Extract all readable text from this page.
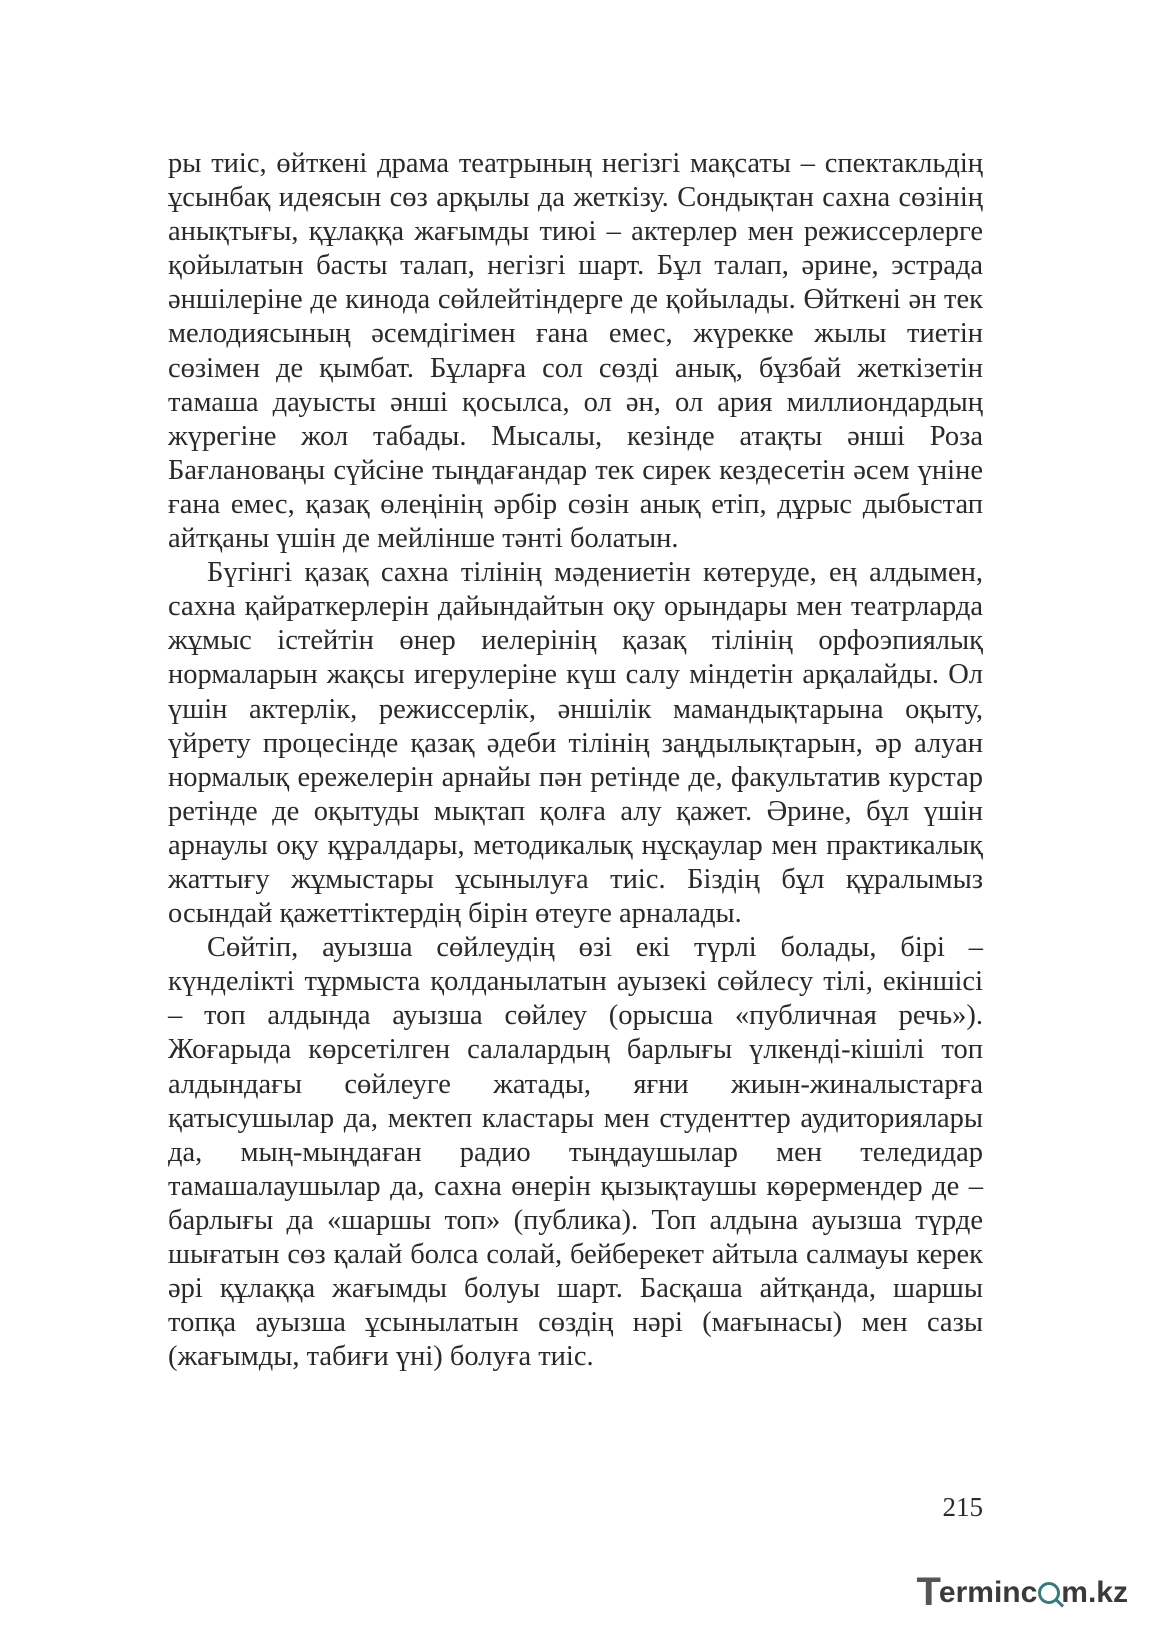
ры тиіс, өйткені драма театрының негізгі мақсаты – спектакльдің ұсынбақ идеясын сөз арқылы да жеткізу. Сондықтан сахна сөзінің анықтығы, құлаққа жағымды тиюі – актерлер мен режиссерлерге қойылатын басты талап, негізгі шарт. Бұл талап, әрине, эстрада әншілеріне де кинода сөйлейтіндерге де қойылады. Өйткені ән тек мелодиясының әсемдігімен ғана емес, жүрекке жылы тиетін сөзімен де қымбат. Бұларға сол сөзді анық, бұзбай жеткізетін тамаша дауысты әнші қосылса, ол ән, ол ария миллиондардың жүрегіне жол табады. Мысалы, кезінде атақты әнші Роза Бағлановаңы сүйсіне тыңдағандар тек сирек кездесетін әсем үніне ғана емес, қазақ өлеңінің әрбір сөзін анық етіп, дұрыс дыбыстап айтқаны үшін де мейлінше тәнті болатын.

Бүгінгі қазақ сахна тілінің мәдениетін көтеруде, ең алдымен, сахна қайраткерлерін дайындайтын оқу орындары мен театрларда жұмыс істейтін өнер иелерінің қазақ тілінің орфоэпиялық нормаларын жақсы игерулеріне күш салу міндетін арқалайды. Ол үшін актерлік, режиссерлік, әншілік мамандықтарына оқыту, үйрету процесінде қазақ әдеби тілінің заңдылықтарын, әр алуан нормалық ережелерін арнайы пән ретінде де, факультатив курстар ретінде де оқытуды мықтап қолға алу қажет. Әрине, бұл үшін арнаулы оқу құралдары, методикалық нұсқаулар мен практикалық жаттығу жұмыстары ұсынылуға тиіс. Біздің бұл құралымыз осындай қажеттіктердің бірін өтеуге арналады.

Сөйтіп, ауызша сөйлеудің өзі екі түрлі болады, бірі – күнделікті тұрмыста қолданылатын ауызекі сөйлесу тілі, екіншісі – топ алдында ауызша сөйлеу (орысша «публичная речь»). Жоғарыда көрсетілген салалардың барлығы үлкенді-кішілі топ алдындағы сөйлеуге жатады, яғни жиын-жиналыстарға қатысушылар да, мектеп кластары мен студенттер аудиториялары да, мың-мыңдаған радио тыңдаушылар мен теледидар тамашалаушылар да, сахна өнерін қызықтаушы көрермендер де – барлығы да «шаршы топ» (публика). Топ алдына ауызша түрде шығатын сөз қалай болса солай, бейберекет айтыла салмауы керек әрі құлаққа жағымды болуы шарт. Басқаша айтқанда, шаршы топқа ауызша ұсынылатын сөздің нәрі (мағынасы) мен сазы (жағымды, табиғи үні) болуға тиіс.

215
T
erminc m.kz
